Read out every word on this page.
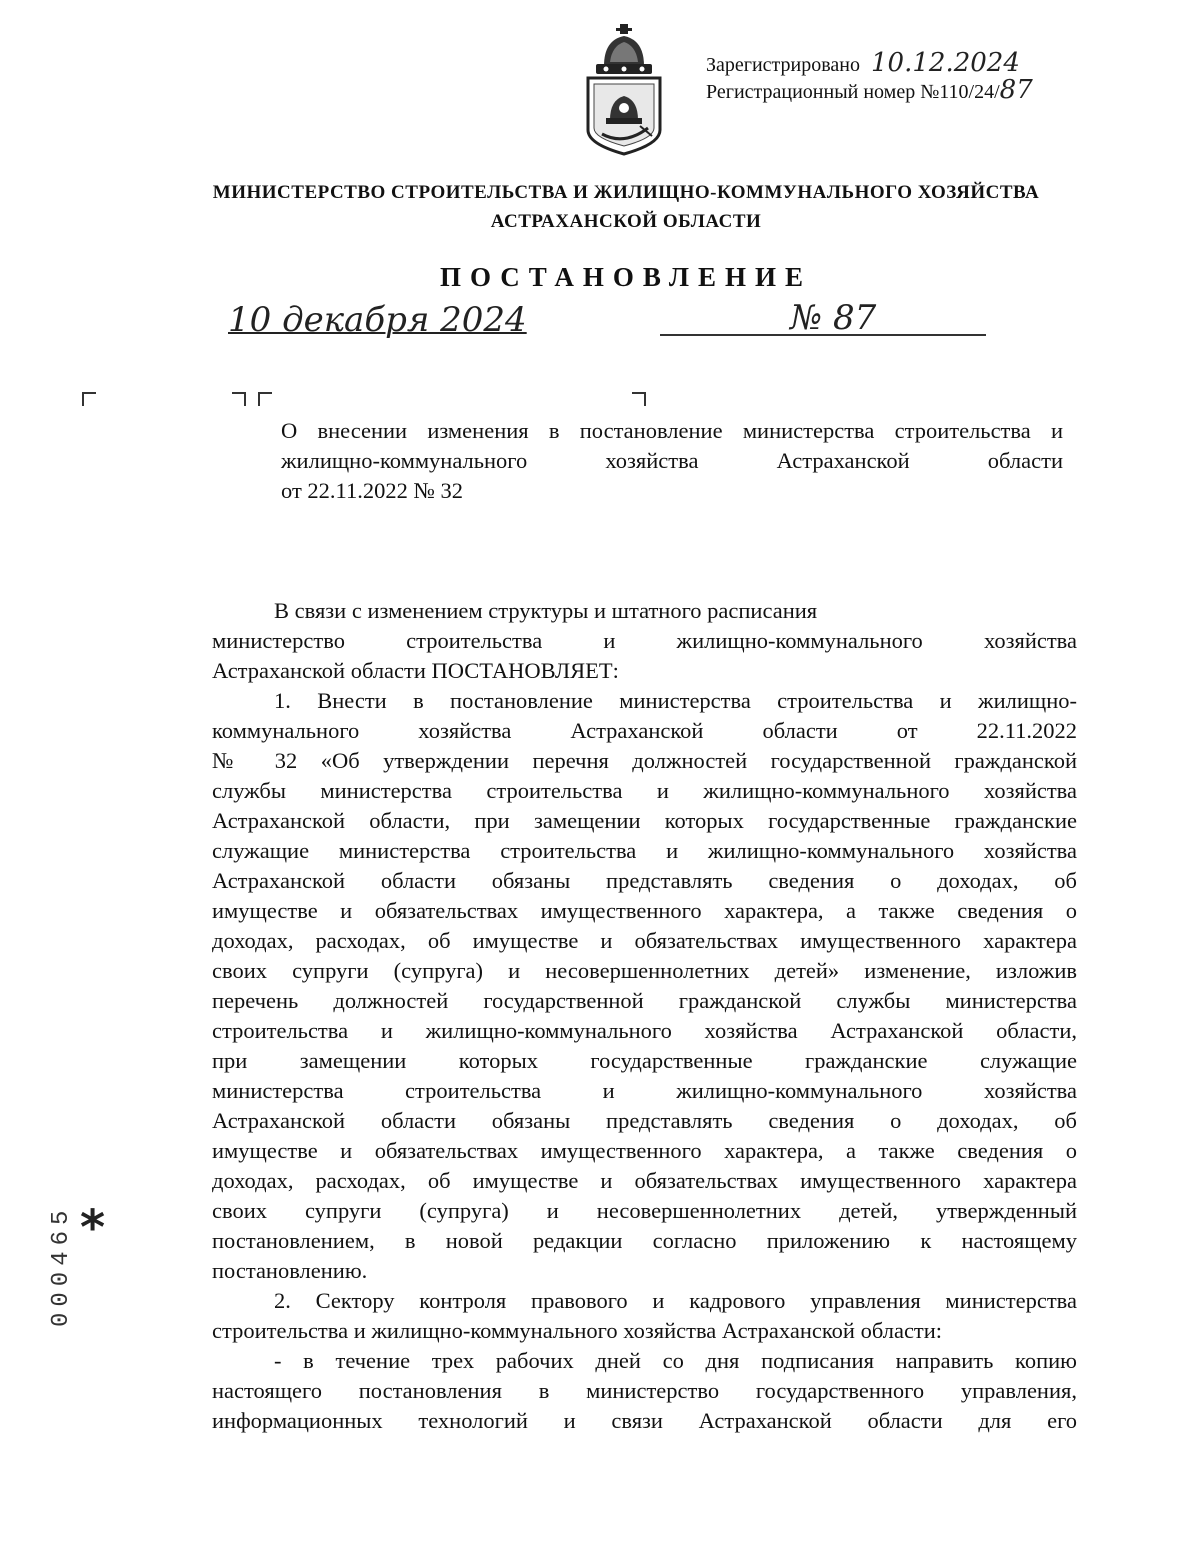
Зарегистрировано 10.12.2024
Регистрационный номер №110/24/87
МИНИСТЕРСТВО СТРОИТЕЛЬСТВА И ЖИЛИЩНО-КОММУНАЛЬНОГО ХОЗЯЙСТВА
АСТРАХАНСКОЙ ОБЛАСТИ
ПОСТАНОВЛЕНИЕ
10 декабря 2024	№ 87
О внесении изменения в постановление министерства строительства и
жилищно-коммунального хозяйства Астраханской области
от 22.11.2022 № 32
В связи с изменением структуры и штатного расписания
министерство строительства и жилищно-коммунального хозяйства
Астраханской области ПОСТАНОВЛЯЕТ:
1. Внести в постановление министерства строительства и жилищно-
коммунального хозяйства Астраханской области от 22.11.2022
№ 32 «Об утверждении перечня должностей государственной гражданской
службы министерства строительства и жилищно-коммунального хозяйства
Астраханской области, при замещении которых государственные гражданские
служащие министерства строительства и жилищно-коммунального хозяйства
Астраханской области обязаны представлять сведения о доходах, об
имуществе и обязательствах имущественного характера, а также сведения о
доходах, расходах, об имуществе и обязательствах имущественного характера
своих супруги (супруга) и несовершеннолетних детей» изменение, изложив
перечень должностей государственной гражданской службы министерства
строительства и жилищно-коммунального хозяйства Астраханской области,
при замещении которых государственные гражданские служащие
министерства строительства и жилищно-коммунального хозяйства
Астраханской области обязаны представлять сведения о доходах, об
имуществе и обязательствах имущественного характера, а также сведения о
доходах, расходах, об имуществе и обязательствах имущественного характера
своих супруги (супруга) и несовершеннолетних детей, утвержденный
постановлением, в новой редакции согласно приложению к настоящему
постановлению.
2. Сектору контроля правового и кадрового управления министерства
строительства и жилищно-коммунального хозяйства Астраханской области:
- в течение трех рабочих дней со дня подписания направить копию
настоящего постановления в министерство государственного управления,
информационных технологий и связи Астраханской области для его
*
000465
